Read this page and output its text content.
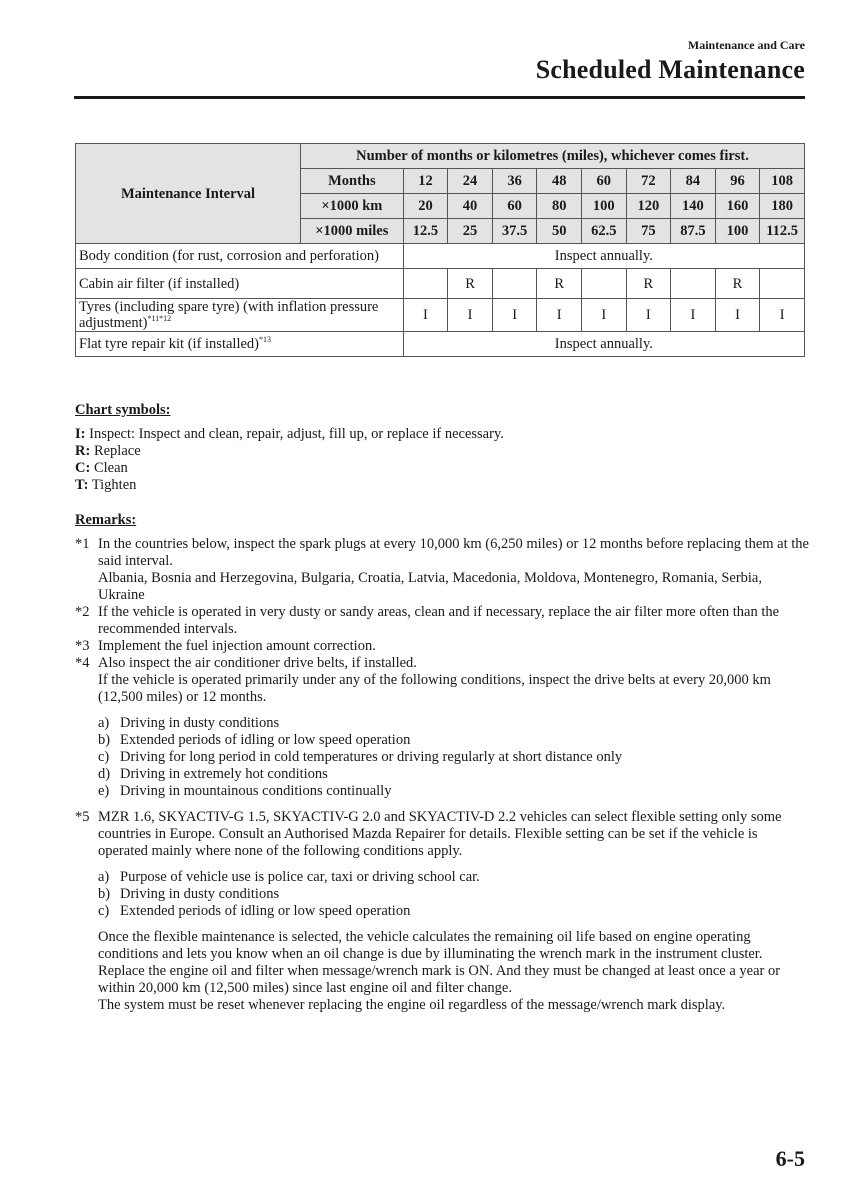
Maintenance and Care
Scheduled Maintenance
Maintenance Interval	Number of months or kilometres (miles), whichever comes first.									
	Months	12	24	36	48	60	72	84	96	108
	×1000 km	20	40	60	80	100	120	140	160	180
	×1000 miles	12.5	25	37.5	50	62.5	75	87.5	100	112.5
Body condition (for rust, corrosion and perforation)		Inspect annually.								
Cabin air filter (if installed)			R		R		R		R	
Tyres (including spare tyre) (with inflation pressure adjustment)$^{*11*12}$		I	I	I	I	I	I	I	I	I
Flat tyre repair kit (if installed)$^{*13}$		Inspect annually.								
Chart symbols:
I: Inspect: Inspect and clean, repair, adjust, fill up, or replace if necessary.
R: Replace
C: Clean
T: Tighten
Remarks:
*1 In the countries below, inspect the spark plugs at every 10,000 km (6,250 miles) or 12 months before replacing them at the said interval.
Albania, Bosnia and Herzegovina, Bulgaria, Croatia, Latvia, Macedonia, Moldova, Montenegro, Romania, Serbia, Ukraine
*2 If the vehicle is operated in very dusty or sandy areas, clean and if necessary, replace the air filter more often than the recommended intervals.
*3 Implement the fuel injection amount correction.
*4 Also inspect the air conditioner drive belts, if installed.
If the vehicle is operated primarily under any of the following conditions, inspect the drive belts at every 20,000 km (12,500 miles) or 12 months.
a) Driving in dusty conditions
b) Extended periods of idling or low speed operation
c) Driving for long period in cold temperatures or driving regularly at short distance only
d) Driving in extremely hot conditions
e) Driving in mountainous conditions continually
*5 MZR 1.6, SKYACTIV-G 1.5, SKYACTIV-G 2.0 and SKYACTIV-D 2.2 vehicles can select flexible setting only some countries in Europe. Consult an Authorised Mazda Repairer for details. Flexible setting can be set if the vehicle is operated mainly where none of the following conditions apply.
a) Purpose of vehicle use is police car, taxi or driving school car.
b) Driving in dusty conditions
c) Extended periods of idling or low speed operation
Once the flexible maintenance is selected, the vehicle calculates the remaining oil life based on engine operating conditions and lets you know when an oil change is due by illuminating the wrench mark in the instrument cluster.
Replace the engine oil and filter when message/wrench mark is ON. And they must be changed at least once a year or within 20,000 km (12,500 miles) since last engine oil and filter change.
The system must be reset whenever replacing the engine oil regardless of the message/wrench mark display.
6-5
